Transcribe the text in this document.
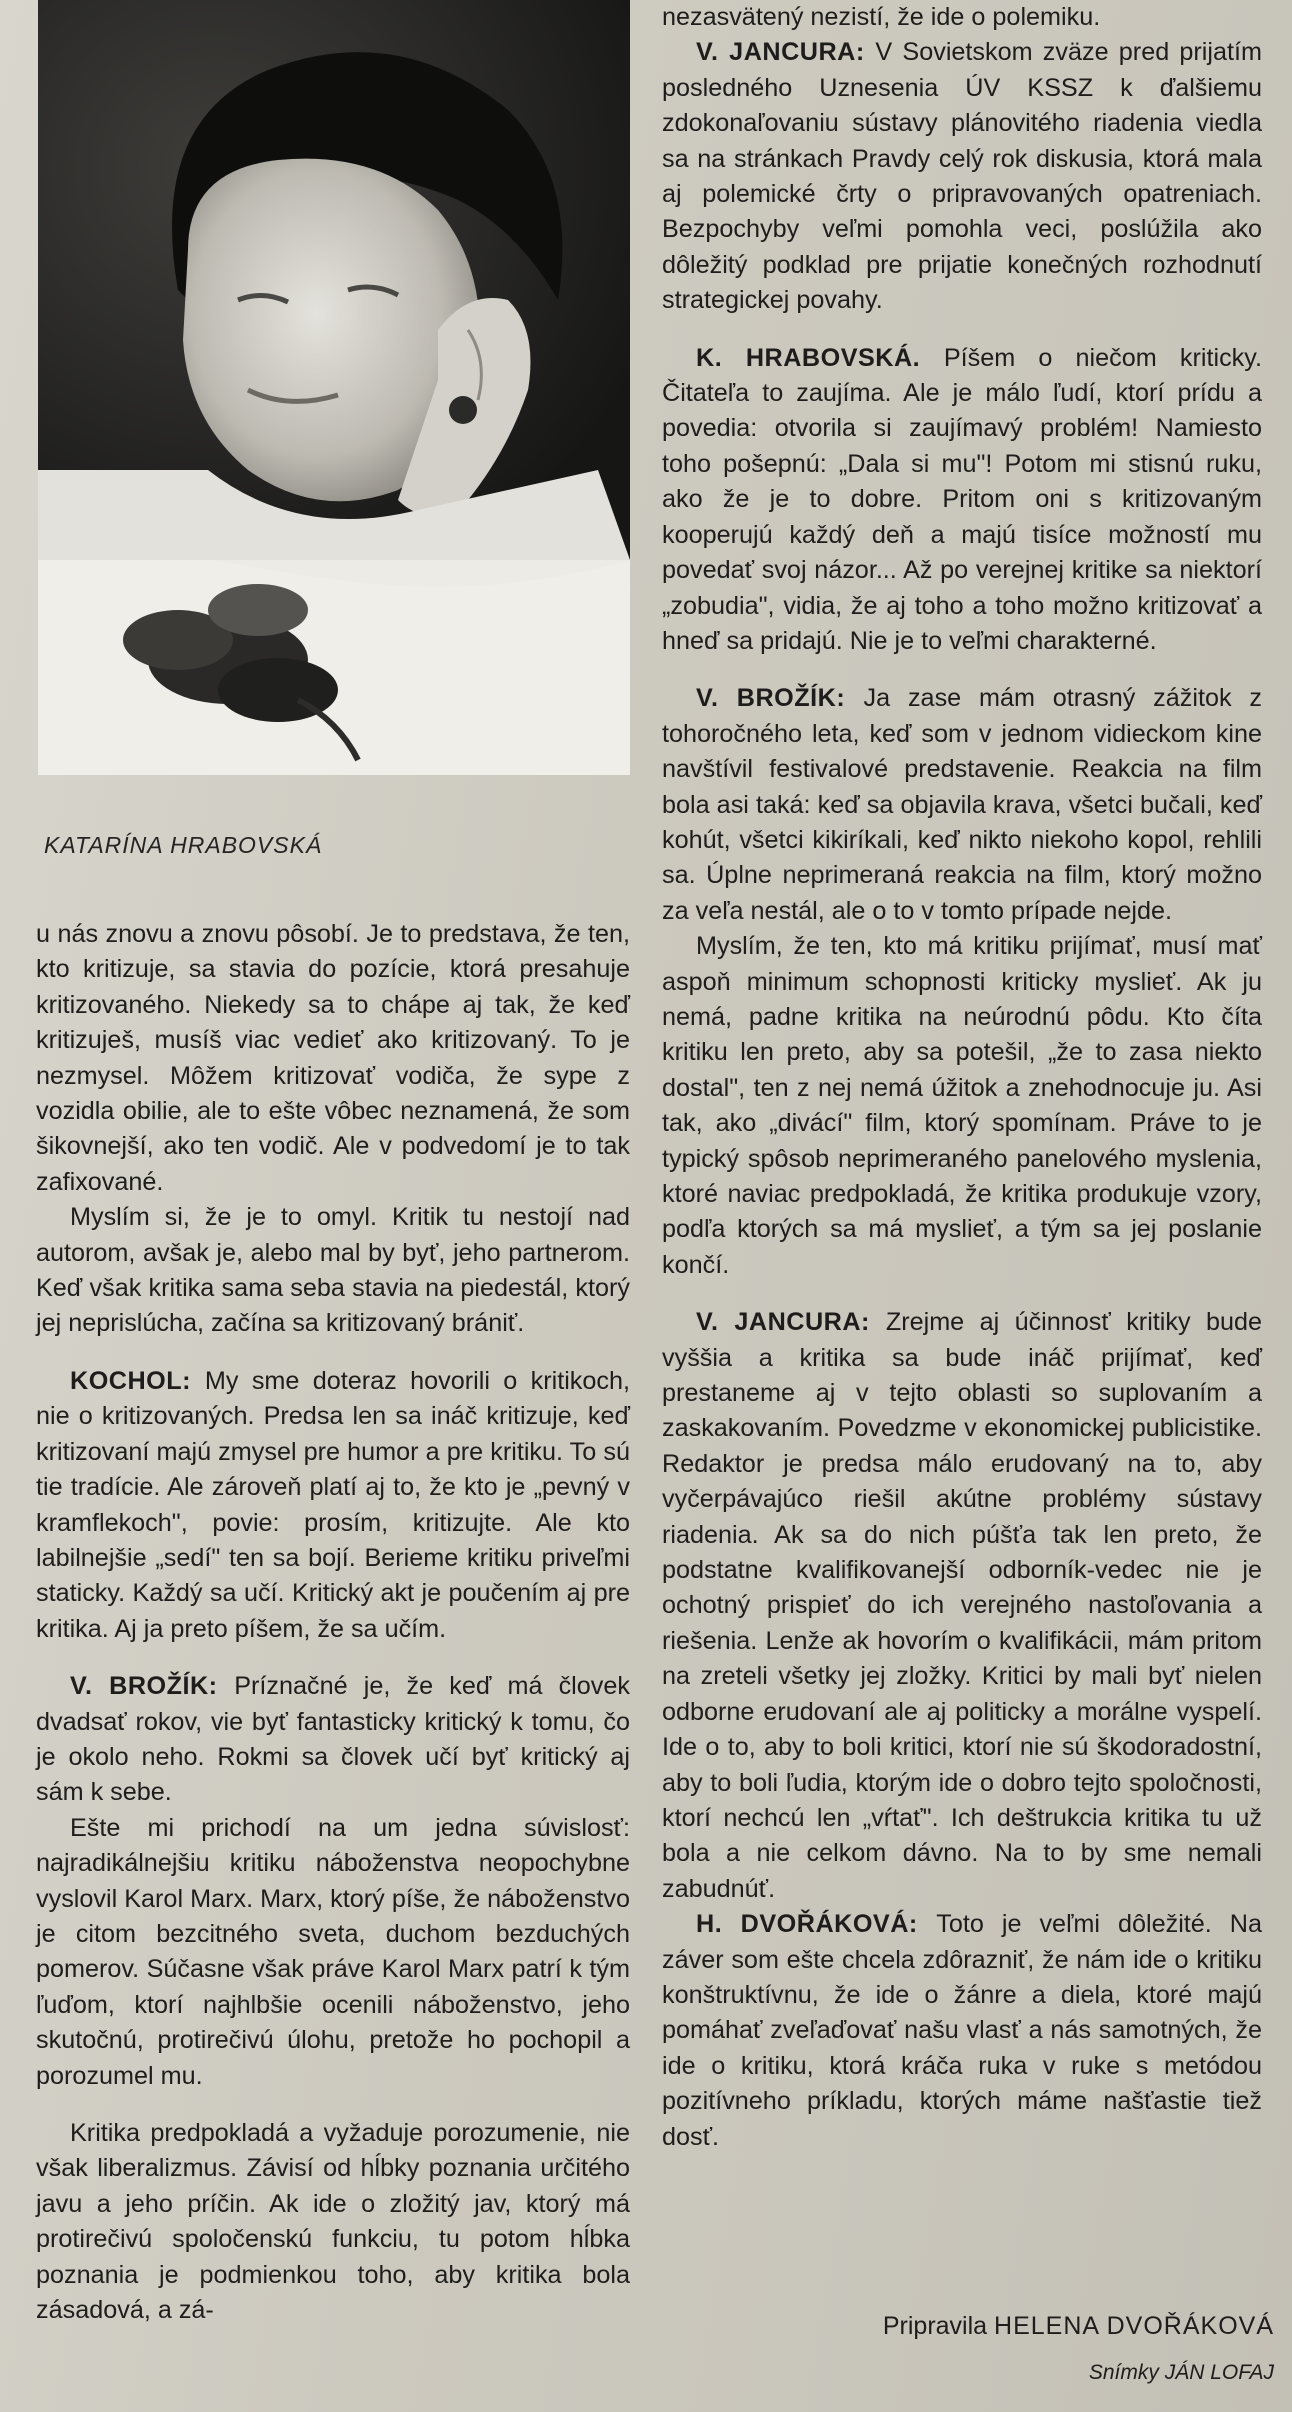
KATARÍNA HRABOVSKÁ

u nás znovu a znovu pôsobí. Je to predstava, že ten, kto kritizuje, sa stavia do pozície, ktorá presahuje kritizovaného. Niekedy sa to chápe aj tak, že keď kritizuješ, musíš viac vedieť ako kritizovaný. To je nezmysel. Môžem kritizovať vodiča, že sype z vozidla obilie, ale to ešte vôbec neznamená, že som šikovnejší, ako ten vodič. Ale v podvedomí je to tak zafixované.

Myslím si, že je to omyl. Kritik tu nestojí nad autorom, avšak je, alebo mal by byť, jeho partnerom. Keď však kritika sama seba stavia na piedestál, ktorý jej neprislúcha, začína sa kritizovaný brániť.

KOCHOL: My sme doteraz hovorili o kritikoch, nie o kritizovaných. Predsa len sa ináč kritizuje, keď kritizovaní majú zmysel pre humor a pre kritiku. To sú tie tradície. Ale zároveň platí aj to, že kto je „pevný v kramflekoch", povie: prosím, kritizujte. Ale kto labilnejšie „sedí" ten sa bojí. Berieme kritiku priveľmi staticky. Každý sa učí. Kritický akt je poučením aj pre kritika. Aj ja preto píšem, že sa učím.

V. BROŽÍK: Príznačné je, že keď má človek dvadsať rokov, vie byť fantasticky kritický k tomu, čo je okolo neho. Rokmi sa človek učí byť kritický aj sám k sebe.

Ešte mi prichodí na um jedna súvislosť: najradikálnejšiu kritiku náboženstva neopochybne vyslovil Karol Marx. Marx, ktorý píše, že náboženstvo je citom bezcitného sveta, duchom bezduchých pomerov. Súčasne však práve Karol Marx patrí k tým ľuďom, ktorí najhlbšie ocenili náboženstvo, jeho skutočnú, protirečivú úlohu, pretože ho pochopil a porozumel mu.

Kritika predpokladá a vyžaduje porozumenie, nie však liberalizmus. Závisí od hĺbky poznania určitého javu a jeho príčin. Ak ide o zložitý jav, ktorý má protirečivú spoločenskú funkciu, tu potom hĺbka poznania je podmienkou toho, aby kritika bola zásadová, a zá-

nezasvätený nezistí, že ide o polemiku.

V. JANCURA: V Sovietskom zväze pred prijatím posledného Uznesenia ÚV KSSZ k ďalšiemu zdokonaľovaniu sústavy plánovitého riadenia viedla sa na stránkach Pravdy celý rok diskusia, ktorá mala aj polemické črty o pripravovaných opatreniach. Bezpochyby veľmi pomohla veci, poslúžila ako dôležitý podklad pre prijatie konečných rozhodnutí strategickej povahy.

K. HRABOVSKÁ. Píšem o niečom kriticky. Čitateľa to zaujíma. Ale je málo ľudí, ktorí prídu a povedia: otvorila si zaujímavý problém! Namiesto toho pošepnú: „Dala si mu"! Potom mi stisnú ruku, ako že je to dobre. Pritom oni s kritizovaným kooperujú každý deň a majú tisíce možností mu povedať svoj názor... Až po verejnej kritike sa niektorí „zobudia", vidia, že aj toho a toho možno kritizovať a hneď sa pridajú. Nie je to veľmi charakterné.

V. BROŽÍK: Ja zase mám otrasný zážitok z tohoročného leta, keď som v jednom vidieckom kine navštívil festivalové predstavenie. Reakcia na film bola asi taká: keď sa objavila krava, všetci bučali, keď kohút, všetci kikiríkali, keď nikto niekoho kopol, rehlili sa. Úplne neprimeraná reakcia na film, ktorý možno za veľa nestál, ale o to v tomto prípade nejde.

Myslím, že ten, kto má kritiku prijímať, musí mať aspoň minimum schopnosti kriticky myslieť. Ak ju nemá, padne kritika na neúrodnú pôdu. Kto číta kritiku len preto, aby sa potešil, „že to zasa niekto dostal", ten z nej nemá úžitok a znehodnocuje ju. Asi tak, ako „divácí" film, ktorý spomínam. Práve to je typický spôsob neprimeraného panelového myslenia, ktoré naviac predpokladá, že kritika produkuje vzory, podľa ktorých sa má myslieť, a tým sa jej poslanie končí.

V. JANCURA: Zrejme aj účinnosť kritiky bude vyššia a kritika sa bude ináč prijímať, keď prestaneme aj v tejto oblasti so suplovaním a zaskakovaním. Povedzme v ekonomickej publicistike. Redaktor je predsa málo erudovaný na to, aby vyčerpávajúco riešil akútne problémy sústavy riadenia. Ak sa do nich púšťa tak len preto, že podstatne kvalifikovanejší odborník-vedec nie je ochotný prispieť do ich verejného nastoľovania a riešenia. Lenže ak hovorím o kvalifikácii, mám pritom na zreteli všetky jej zložky. Kritici by mali byť nielen odborne erudovaní ale aj politicky a morálne vyspelí. Ide o to, aby to boli kritici, ktorí nie sú škodoradostní, aby to boli ľudia, ktorým ide o dobro tejto spoločnosti, ktorí nechcú len „vŕtať". Ich deštrukcia kritika tu už bola a nie celkom dávno. Na to by sme nemali zabudnúť.

H. DVOŘÁKOVÁ: Toto je veľmi dôležité. Na záver som ešte chcela zdôrazniť, že nám ide o kritiku konštruktívnu, že ide o žánre a diela, ktoré majú pomáhať zveľaďovať našu vlasť a nás samotných, že ide o kritiku, ktorá kráča ruka v ruke s metódou pozitívneho príkladu, ktorých máme našťastie tiež dosť.

Pripravila HELENA DVOŘÁKOVÁ
Snímky JÁN LOFAJ
